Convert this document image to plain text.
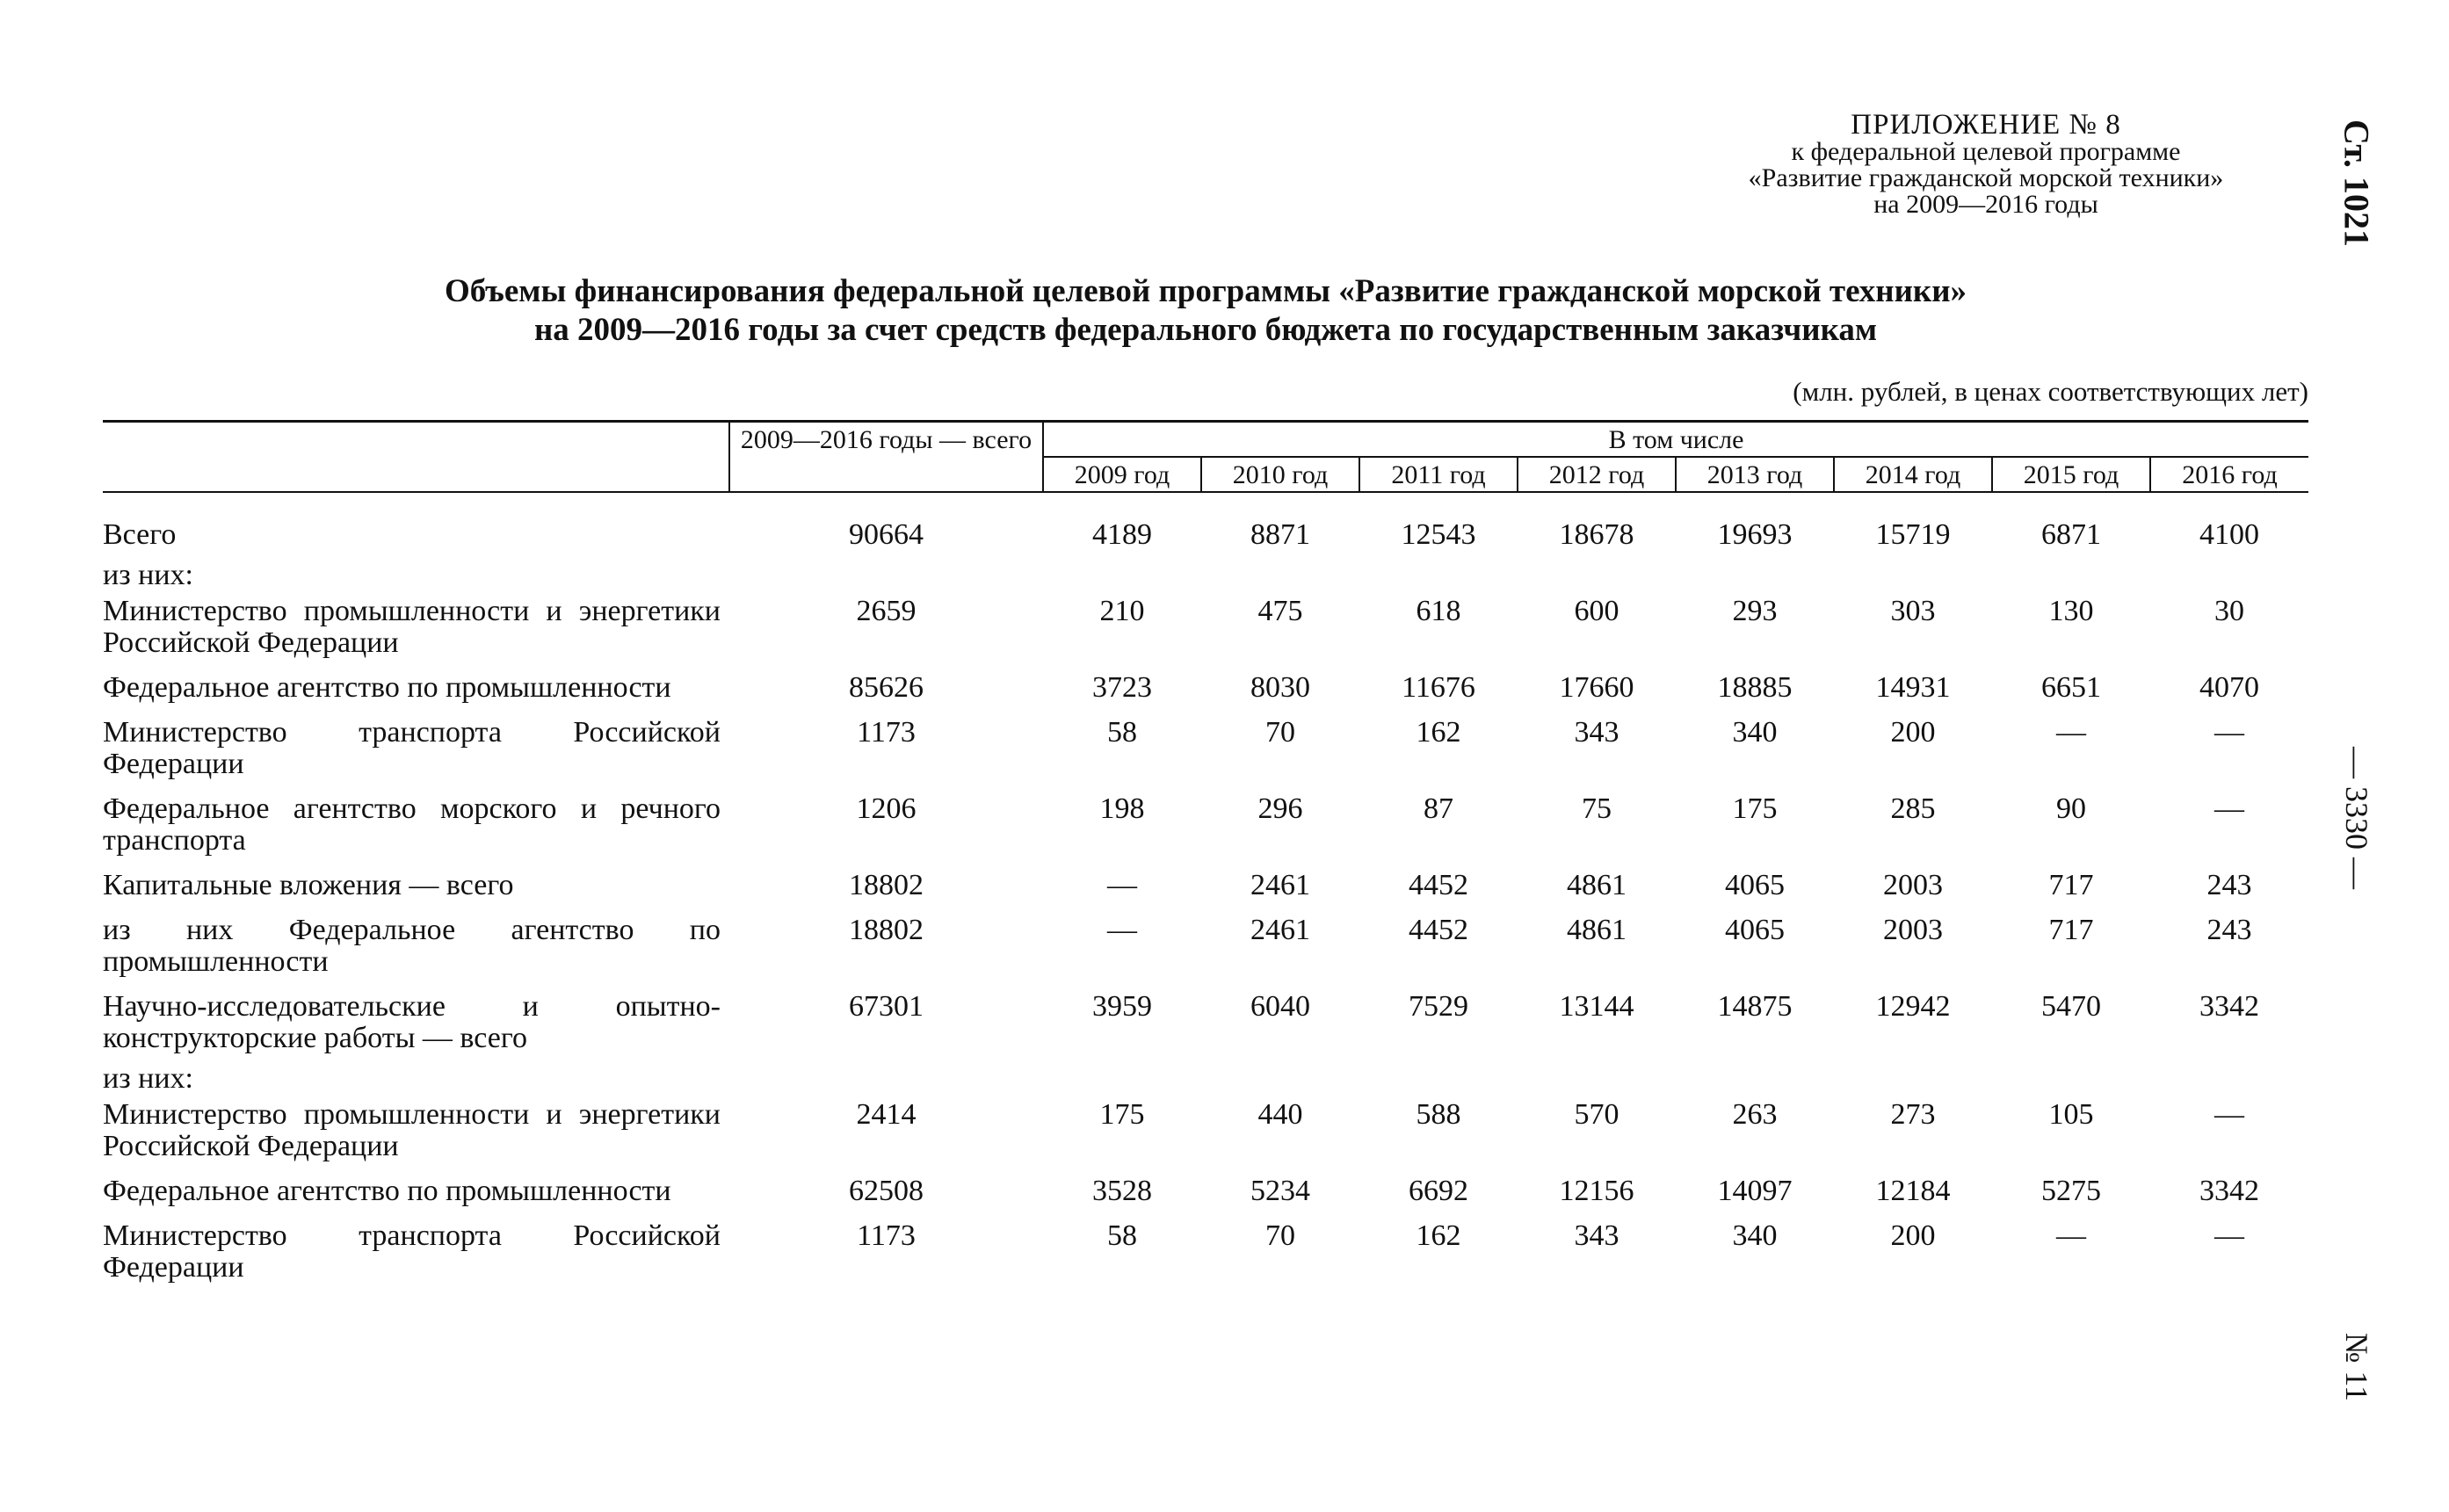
ПРИЛОЖЕНИЕ № 8
к федеральной целевой программе
«Развитие гражданской морской техники»
на 2009—2016 годы
Объемы финансирования федеральной целевой программы «Развитие гражданской морской техники»
на 2009—2016 годы за счет средств федерального бюджета по государственным заказчикам
(млн. рублей, в ценах соответствующих лет)
Ст. 1021
— 3330 —
№ 11
	2009—2016 годы — всего	В том числе							
		2009 год	2010 год	2011 год	2012 год	2013 год	2014 год	2015 год	2016 год
Всего	90664	4189	8871	12543	18678	19693	15719	6871	4100
из них:									
Министерство промышленности и энергетики Российской Федерации	2659	210	475	618	600	293	303	130	30
Федеральное агентство по промышленности	85626	3723	8030	11676	17660	18885	14931	6651	4070
Министерство транспорта Российской Федерации	1173	58	70	162	343	340	200	—	—
Федеральное агентство морского и речного транспорта	1206	198	296	87	75	175	285	90	—
Капитальные вложения — всего	18802	—	2461	4452	4861	4065	2003	717	243
из них Федеральное агентство по промышленности	18802	—	2461	4452	4861	4065	2003	717	243
Научно-исследовательские и опытно-конструкторские работы — всего	67301	3959	6040	7529	13144	14875	12942	5470	3342
из них:									
Министерство промышленности и энергетики Российской Федерации	2414	175	440	588	570	263	273	105	—
Федеральное агентство по промышленности	62508	3528	5234	6692	12156	14097	12184	5275	3342
Министерство транспорта Российской Федерации	1173	58	70	162	343	340	200	—	—
